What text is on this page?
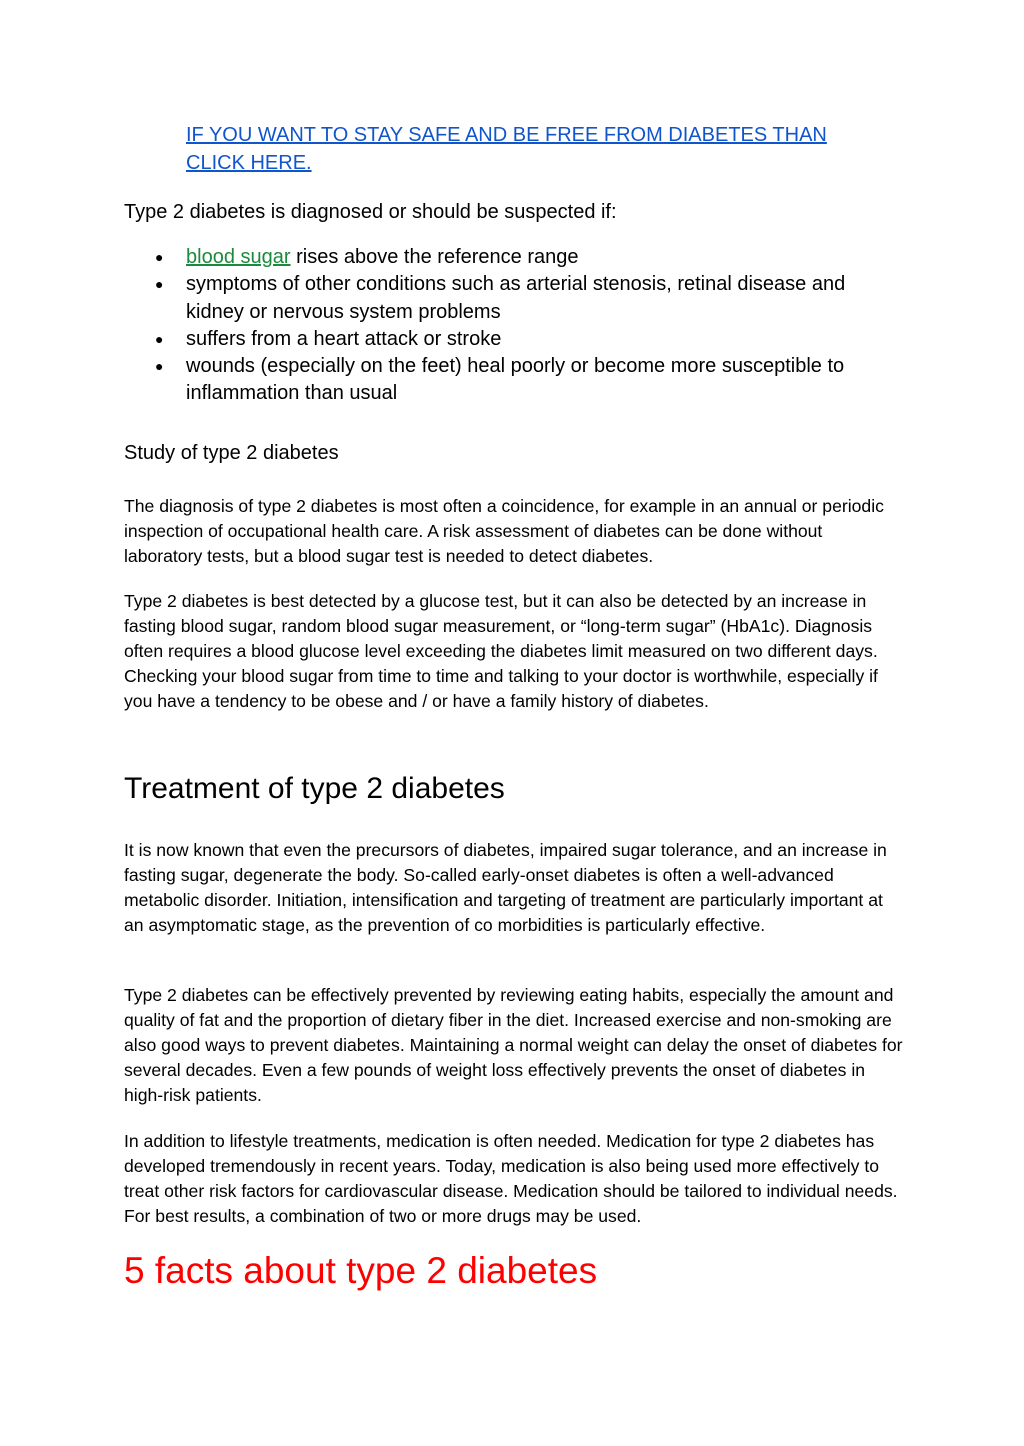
IF YOU WANT TO STAY SAFE AND BE FREE FROM DIABETES THAN CLICK HERE.
Type 2 diabetes is diagnosed or should be suspected if:
● blood sugar rises above the reference range
● symptoms of other conditions such as arterial stenosis, retinal disease and kidney or nervous system problems
● suffers from a heart attack or stroke
● wounds (especially on the feet) heal poorly or become more susceptible to inflammation than usual
Study of type 2 diabetes

The diagnosis of type 2 diabetes is most often a coincidence, for example in an annual or periodic inspection of occupational health care. A risk assessment of diabetes can be done without laboratory tests, but a blood sugar test is needed to detect diabetes.

Type 2 diabetes is best detected by a glucose test, but it can also be detected by an increase in fasting blood sugar, random blood sugar measurement, or “long-term sugar” (HbA1c). Diagnosis often requires a blood glucose level exceeding the diabetes limit measured on two different days. Checking your blood sugar from time to time and talking to your doctor is worthwhile, especially if you have a tendency to be obese and / or have a family history of diabetes.

Treatment of type 2 diabetes

It is now known that even the precursors of diabetes, impaired sugar tolerance, and an increase in fasting sugar, degenerate the body. So-called early-onset diabetes is often a well-advanced metabolic disorder. Initiation, intensification and targeting of treatment are particularly important at an asymptomatic stage, as the prevention of co morbidities is particularly effective.

Type 2 diabetes can be effectively prevented by reviewing eating habits, especially the amount and quality of fat and the proportion of dietary fiber in the diet. Increased exercise and non-smoking are also good ways to prevent diabetes. Maintaining a normal weight can delay the onset of diabetes for several decades. Even a few pounds of weight loss effectively prevents the onset of diabetes in high-risk patients.

In addition to lifestyle treatments, medication is often needed. Medication for type 2 diabetes has developed tremendously in recent years. Today, medication is also being used more effectively to treat other risk factors for cardiovascular disease. Medication should be tailored to individual needs. For best results, a combination of two or more drugs may be used.

5 facts about type 2 diabetes
